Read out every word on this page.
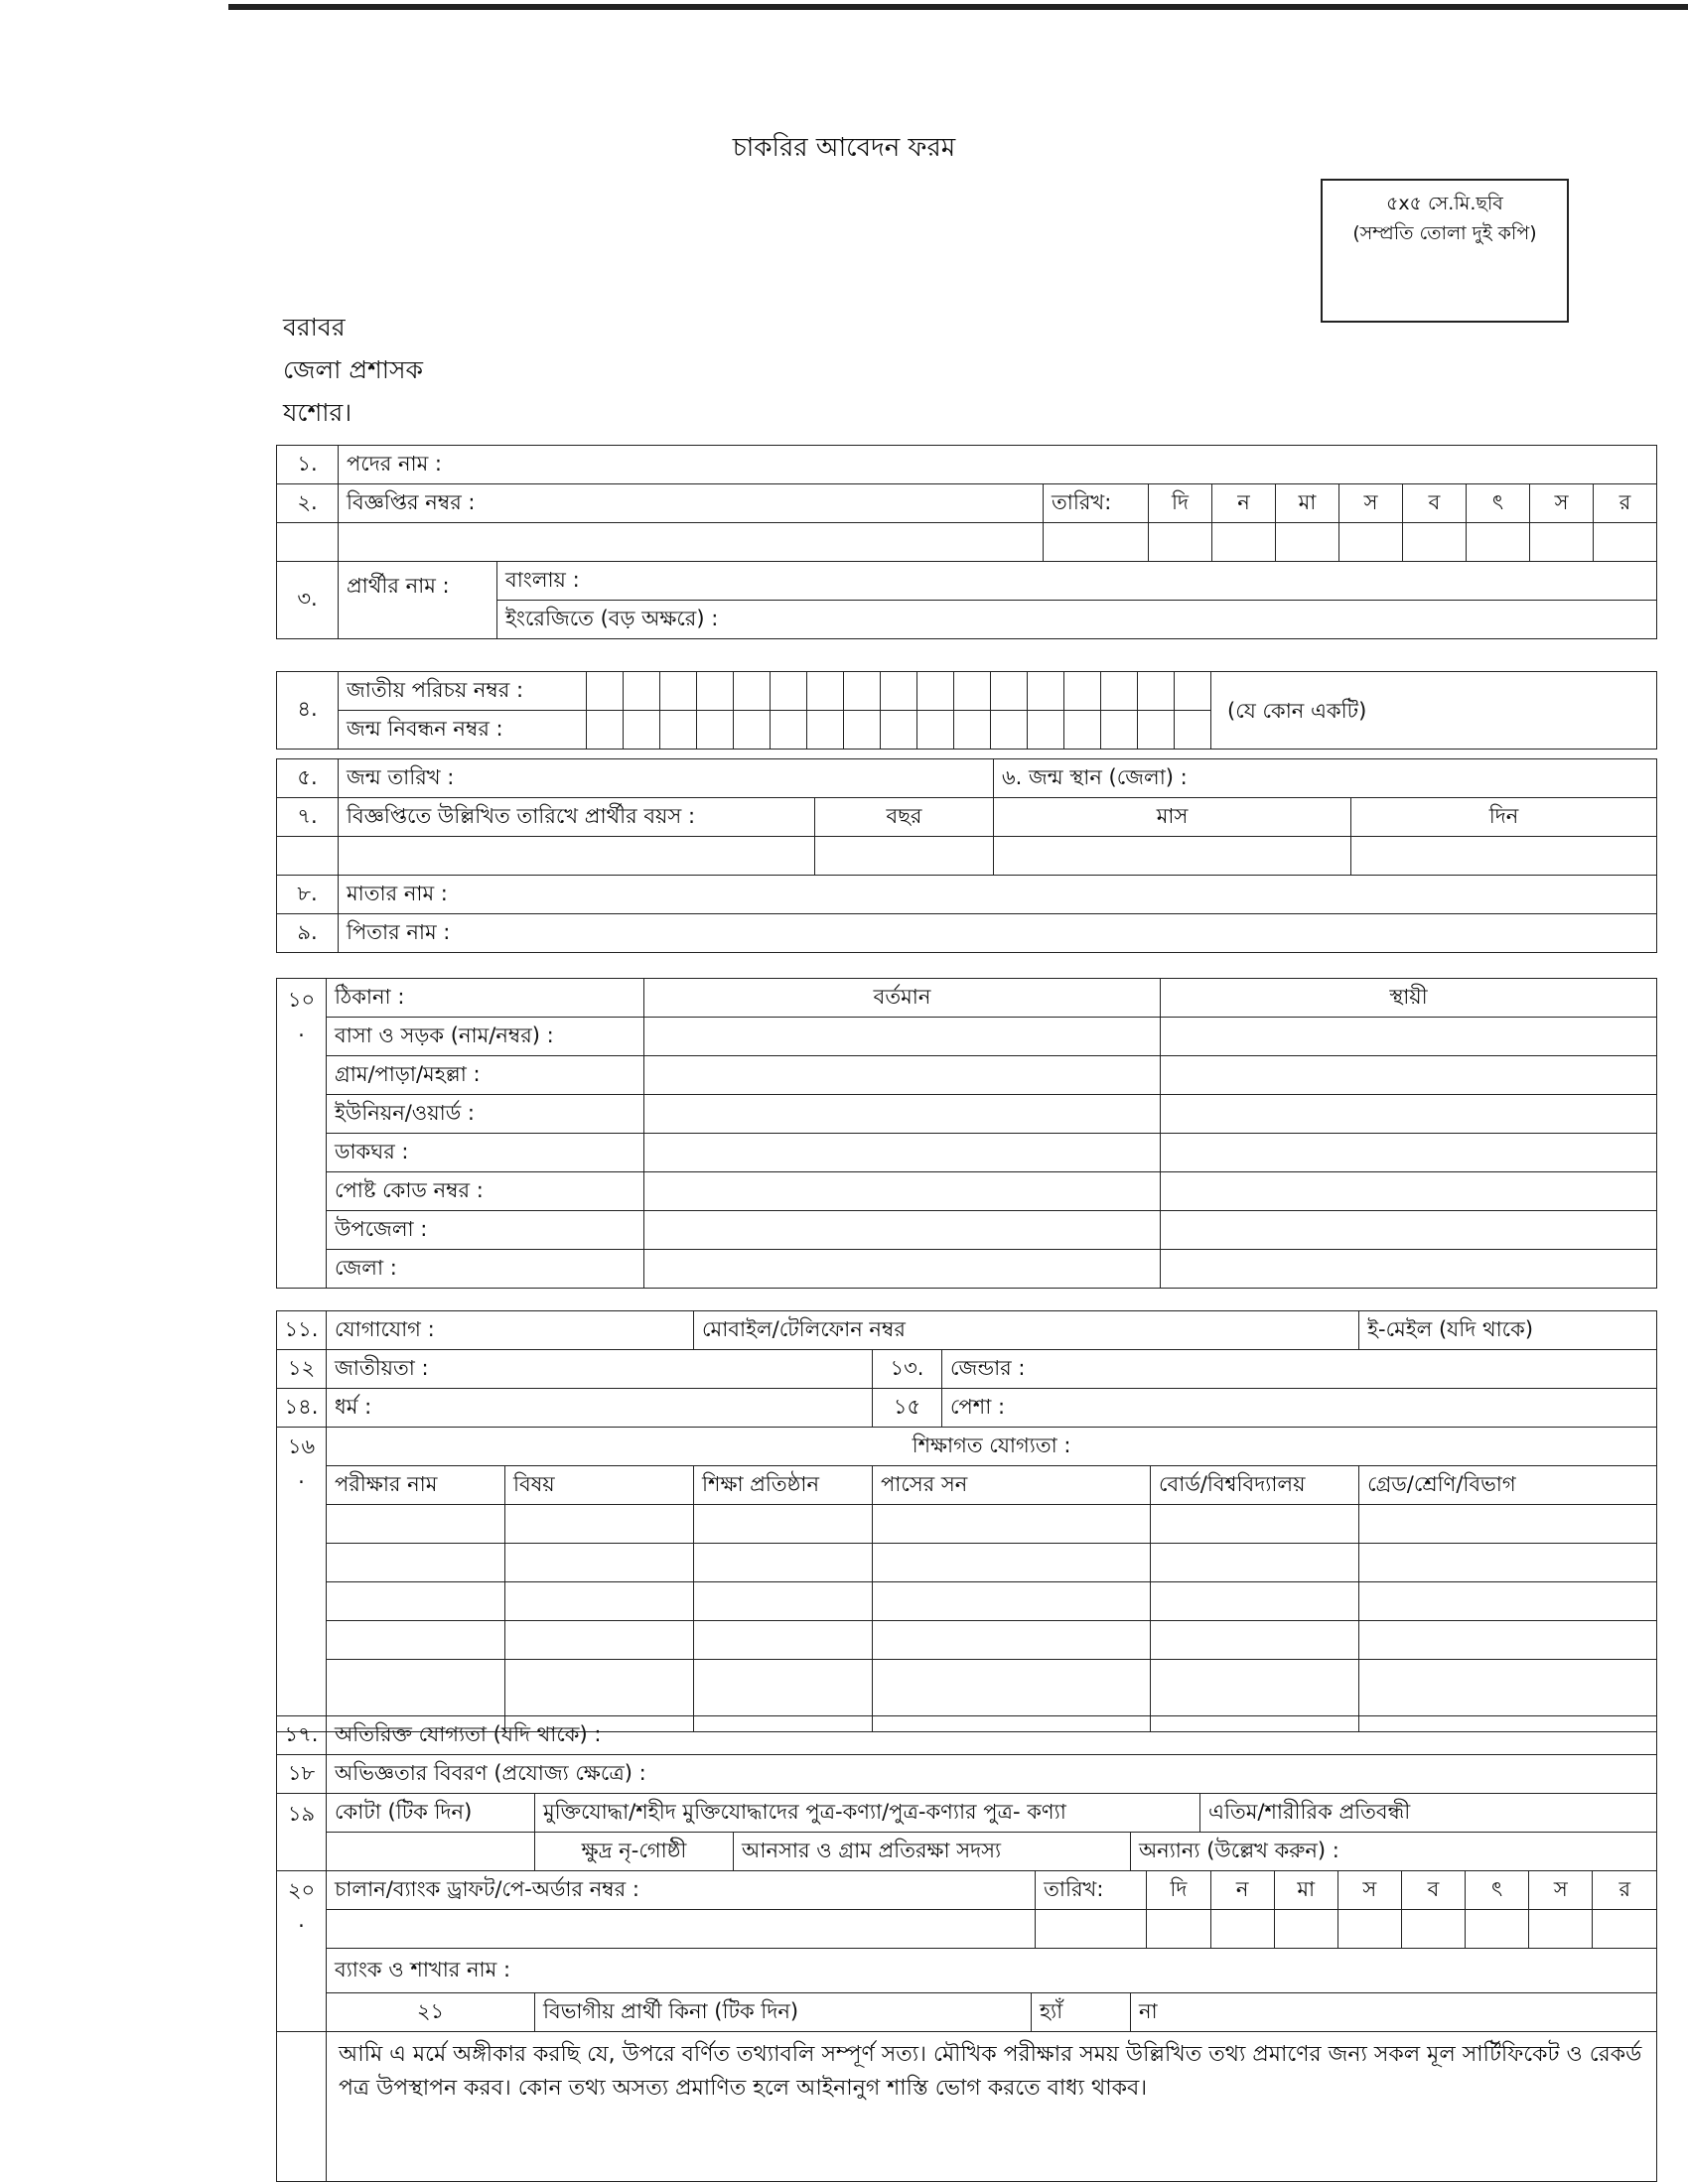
চাকরির আবেদন ফরম
৫x৫ সে.মি.ছবি
(সম্প্রতি তোলা দুই কপি)
বরাবর
জেলা প্রশাসক
যশোর।
১.	পদের নাম :										
২.	বিজ্ঞপ্তির নম্বর :		তারিখ:	দি	ন	মা	স	ব	ৎ	স	র

৩.	প্রার্থীর নাম :	বাংলায় :									
		ইংরেজিতে (বড় অক্ষরে) :									
৪.	জাতীয় পরিচয় নম্বর :																		(যে কোন একটি)
	জন্ম নিবন্ধন নম্বর :																		
৫.	জন্ম তারিখ :		৬. জন্ম স্থান (জেলা) :	
৭.	বিজ্ঞপ্তিতে উল্লিখিত তারিখে প্রার্থীর বয়স :	বছর	মাস	দিন

৮.	মাতার নাম :			
৯.	পিতার নাম :			
১০
.	ঠিকানা :	বর্তমান	স্থায়ী
	বাসা ও সড়ক (নাম/নম্বর) :		
	গ্রাম/পাড়া/মহল্লা :		
	ইউনিয়ন/ওয়ার্ড :		
	ডাকঘর :		
	পোষ্ট কোড নম্বর :		
	উপজেলা :		
	জেলা :		
১১.	যোগাযোগ :		মোবাইল/টেলিফোন নম্বর				ই-মেইল (যদি থাকে)
১২	জাতীয়তা :			১৩.	জেন্ডার :		
১৪.	ধর্ম :			১৫	পেশা :		

১৬
.	শিক্ষাগত যোগ্যতা :						
	পরীক্ষার নাম	বিষয়	শিক্ষা প্রতিষ্ঠান	পাসের সন		বোর্ড/বিশ্ববিদ্যালয়	গ্রেড/শ্রেণি/বিভাগ

১৭.	অতিরিক্ত যোগ্যতা (যদি থাকে) :
১৮	অভিজ্ঞতার বিবরণ (প্রযোজ্য ক্ষেত্রে) :
১৯	কোটা (টিক দিন)	মুক্তিযোদ্ধা/শহীদ মুক্তিযোদ্ধাদের পুত্র-কণ্যা/পুত্র-কণ্যার পুত্র- কণ্যা	এতিম/শারীরিক প্রতিবন্ধী
	ক্ষুদ্র নৃ-গোষ্ঠী	আনসার ও গ্রাম প্রতিরক্ষা সদস্য	অন্যান্য (উল্লেখ করুন) :

২০
.

চালান/ব্যাংক ড্রাফট/পে-অর্ডার নম্বর :	তারিখ:	দি	ন	মা	স	ব	ৎ	স	র

ব্যাংক ও শাখার নাম :
২১	বিভাগীয় প্রার্থী কিনা (টিক দিন)	হ্যাঁ	না	
	আমি এ মর্মে অঙ্গীকার করছি যে, উপরে বর্ণিত তথ্যাবলি সম্পূর্ণ সত্য। মৌখিক পরীক্ষার সময় উল্লিখিত তথ্য প্রমাণের জন্য সকল মূল সার্টিফিকেট ও রেকর্ড পত্র উপস্থাপন করব। কোন তথ্য অসত্য প্রমাণিত হলে আইনানুগ শাস্তি ভোগ করতে বাধ্য থাকব।
